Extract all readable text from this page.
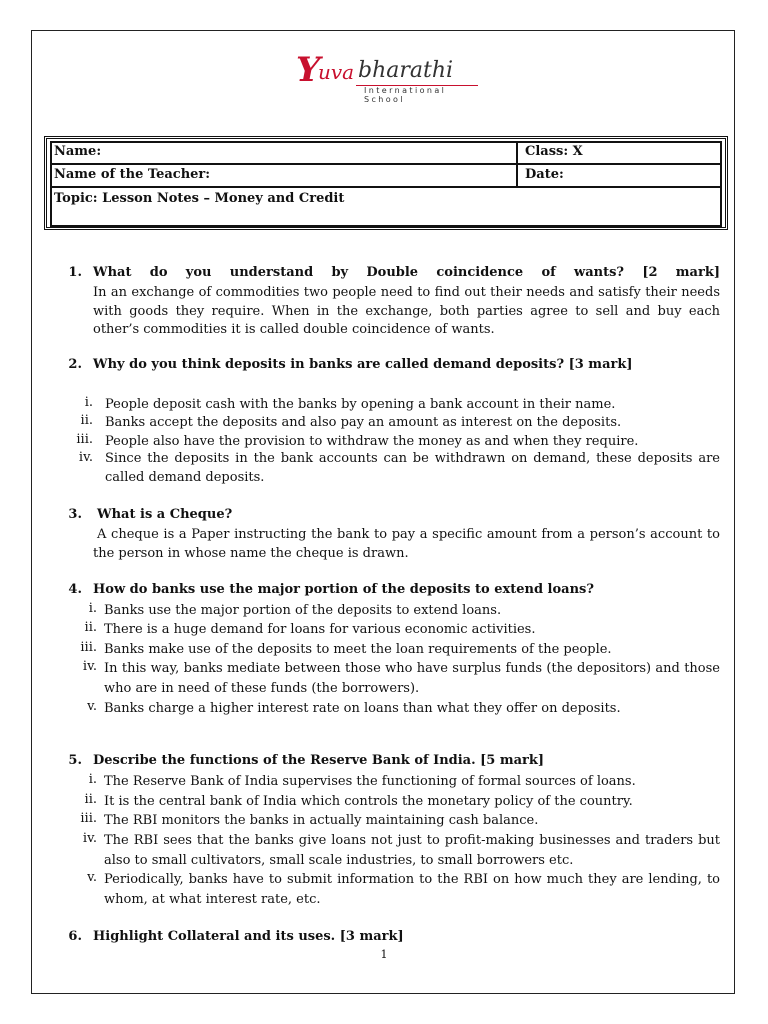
Y
uva bharathi
International School
Name:	Class: X
Name of the Teacher:	Date:
Topic: Lesson Notes – Money and Credit
1. What do you understand by Double coincidence of wants? [2 mark]
In an exchange of commodities two people need to find out their needs and satisfy their needs with goods they require. When in the exchange, both parties agree to sell and buy each other’s commodities it is called double coincidence of wants.
2. Why do you think deposits in banks are called demand deposits? [3 mark]
i. People deposit cash with the banks by opening a bank account in their name.
ii. Banks accept the deposits and also pay an amount as interest on the deposits.
iii. People also have the provision to withdraw the money as and when they require.
iv. Since the deposits in the bank accounts can be withdrawn on demand, these deposits are called demand deposits.
3. What is a Cheque?
A cheque is a Paper instructing the bank to pay a specific amount from a person’s account to the person in whose name the cheque is drawn.
4. How do banks use the major portion of the deposits to extend loans?
i. Banks use the major portion of the deposits to extend loans.
ii. There is a huge demand for loans for various economic activities.
iii. Banks make use of the deposits to meet the loan requirements of the people.
iv. In this way, banks mediate between those who have surplus funds (the depositors) and those who are in need of these funds (the borrowers).
v. Banks charge a higher interest rate on loans than what they offer on deposits.
5. Describe the functions of the Reserve Bank of India. [5 mark]
i. The Reserve Bank of India supervises the functioning of formal sources of loans.
ii. It is the central bank of India which controls the monetary policy of the country.
iii. The RBI monitors the banks in actually maintaining cash balance.
iv. The RBI sees that the banks give loans not just to profit-making businesses and traders but also to small cultivators, small scale industries, to small borrowers etc.
v. Periodically, banks have to submit information to the RBI on how much they are lending, to whom, at what interest rate, etc.
6. Highlight Collateral and its uses. [3 mark]
1
